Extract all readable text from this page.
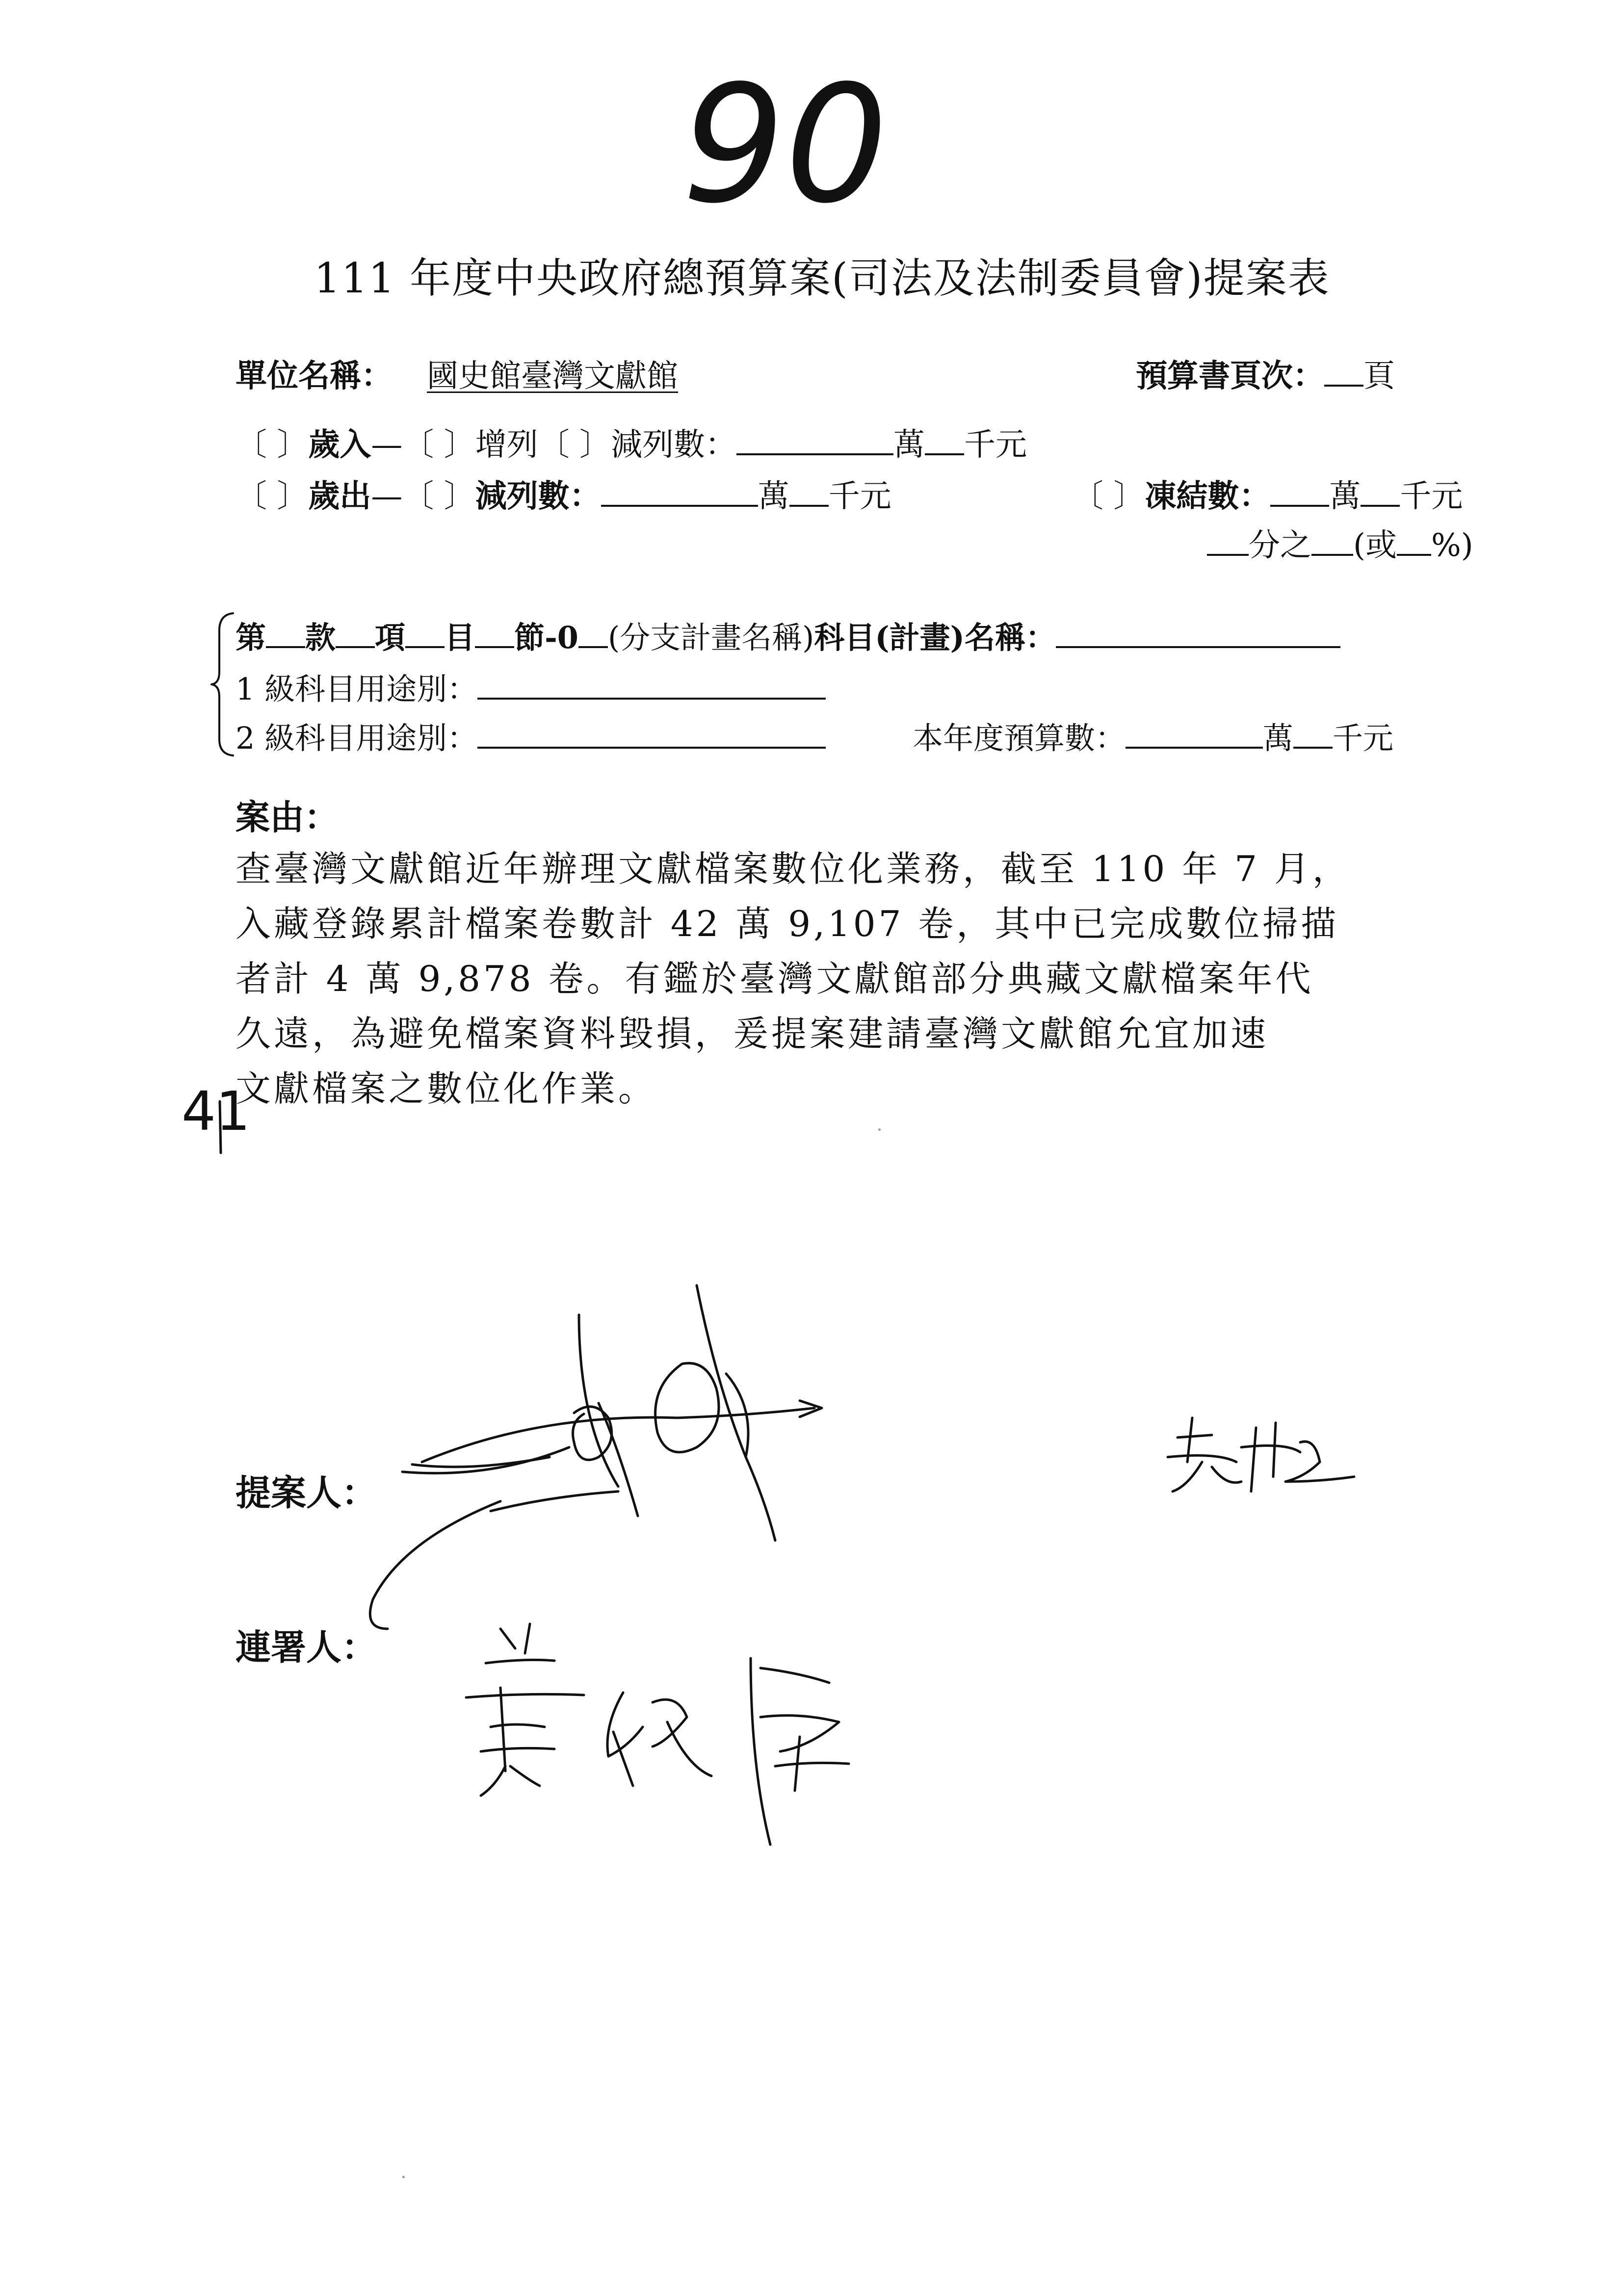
90
111 年度中央政府總預算案(司法及法制委員會)提案表
單位名稱： 國史館臺灣文獻館	預算書頁次： 頁
〔 〕歲入—〔 〕增列〔 〕減列數：	萬 千元
〔 〕歲出—〔 〕減列數：	萬 千元	〔 〕凍結數： 萬 千元
分之 (或 %)
第 款 項 目 節-0 (分支計畫名稱)科目(計畫)名稱：
1 級科目用途別：
2 級科目用途別：	本年度預算數：	萬 千元
案由：

查臺灣文獻館近年辦理文獻檔案數位化業務，截至 110 年 7 月，

入藏登錄累計檔案卷數計 42 萬 9,107 卷，其中已完成數位掃描

者計 4 萬 9,878 卷。有鑑於臺灣文獻館部分典藏文獻檔案年代

久遠，為避免檔案資料毀損，爰提案建請臺灣文獻館允宜加速

文獻檔案之數位化作業。

41
提案人：
連署人：
